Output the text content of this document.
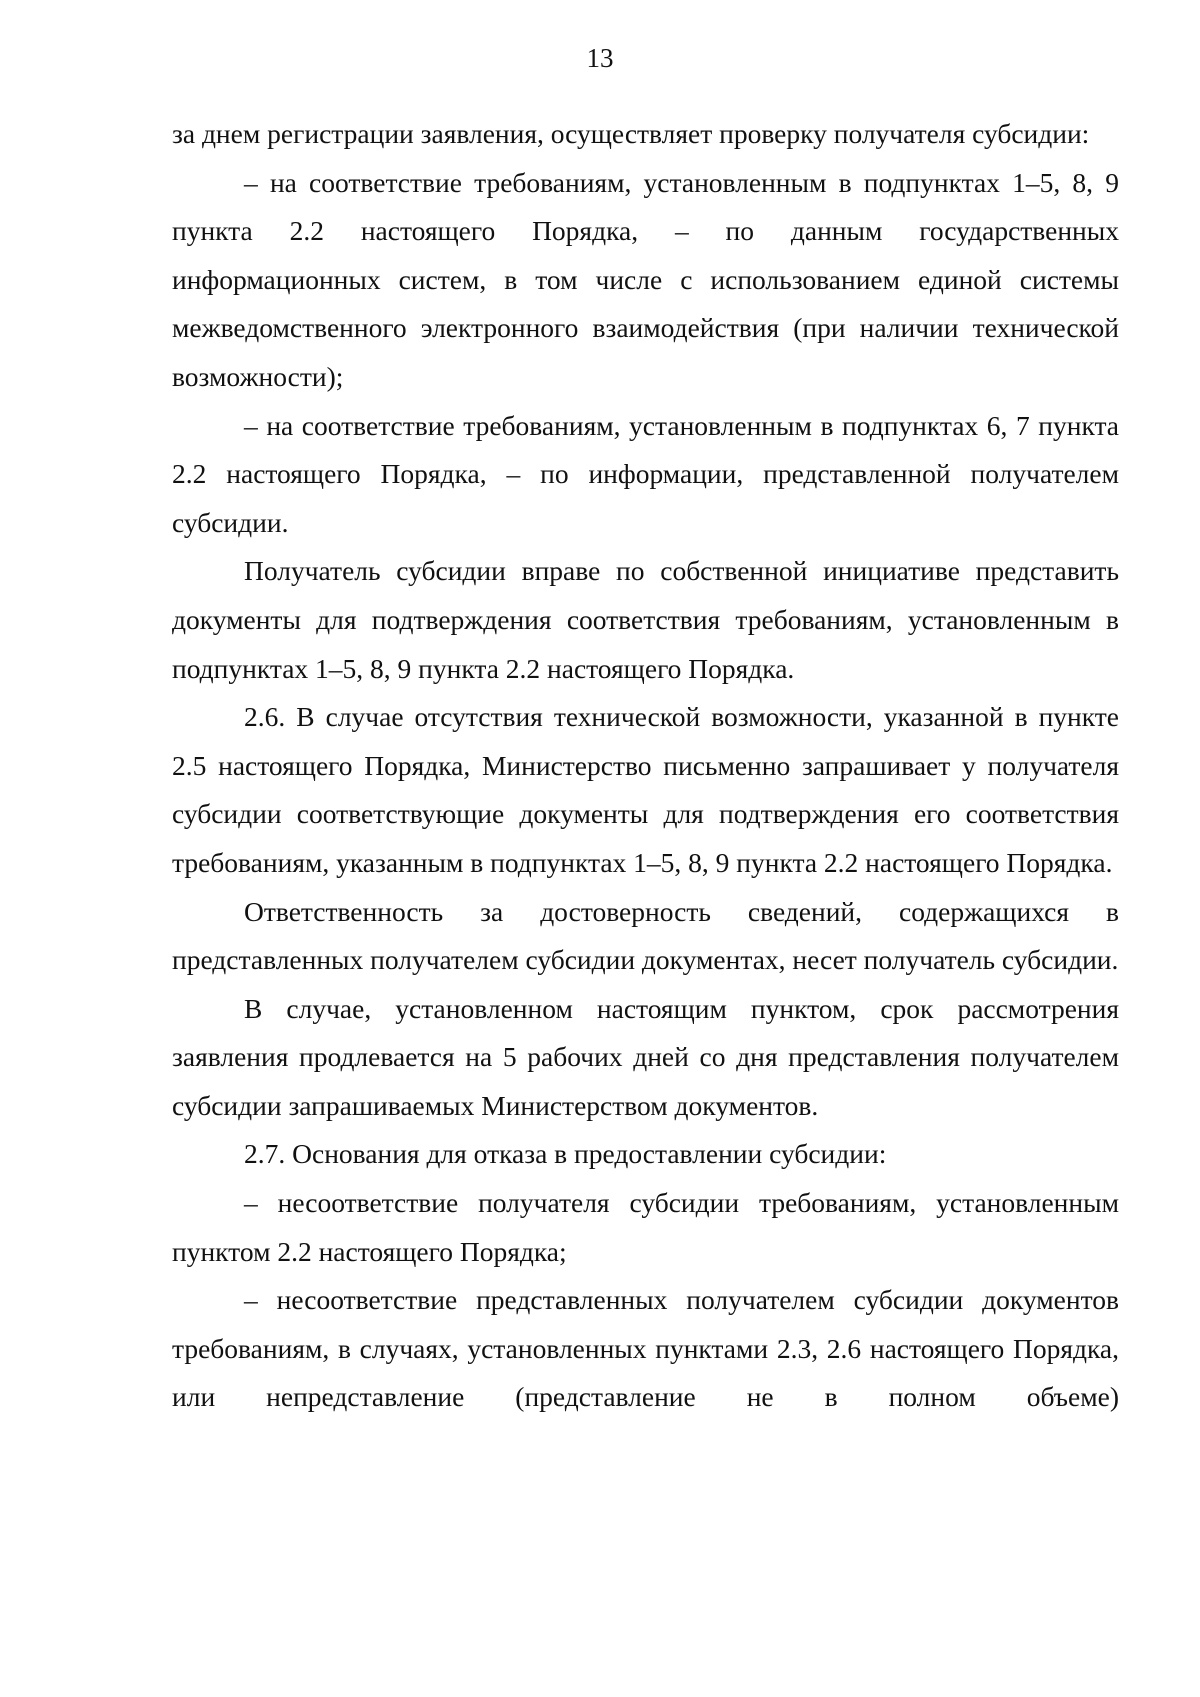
13

за днем регистрации заявления, осуществляет проверку получателя субсидии:

– на соответствие требованиям, установленным в подпунктах 1–5, 8, 9 пункта 2.2 настоящего Порядка, – по данным государственных информационных систем, в том числе с использованием единой системы межведомственного электронного взаимодействия (при наличии технической возможности);

– на соответствие требованиям, установленным в подпунктах 6, 7 пункта 2.2 настоящего Порядка, – по информации, представленной получателем субсидии.

Получатель субсидии вправе по собственной инициативе представить документы для подтверждения соответствия требованиям, установленным в подпунктах 1–5, 8, 9 пункта 2.2 настоящего Порядка.

2.6. В случае отсутствия технической возможности, указанной в пункте 2.5 настоящего Порядка, Министерство письменно запрашивает у получателя субсидии соответствующие документы для подтверждения его соответствия требованиям, указанным в подпунктах 1–5, 8, 9 пункта 2.2 настоящего Порядка.

Ответственность за достоверность сведений, содержащихся в представленных получателем субсидии документах, несет получатель субсидии.

В случае, установленном настоящим пунктом, срок рассмотрения заявления продлевается на 5 рабочих дней со дня представления получателем субсидии запрашиваемых Министерством документов.

2.7. Основания для отказа в предоставлении субсидии:

– несоответствие получателя субсидии требованиям, установленным пунктом 2.2 настоящего Порядка;

– несоответствие представленных получателем субсидии документов требованиям, в случаях, установленных пунктами 2.3, 2.6 настоящего Порядка, или непредставление (представление не в полном объеме)
